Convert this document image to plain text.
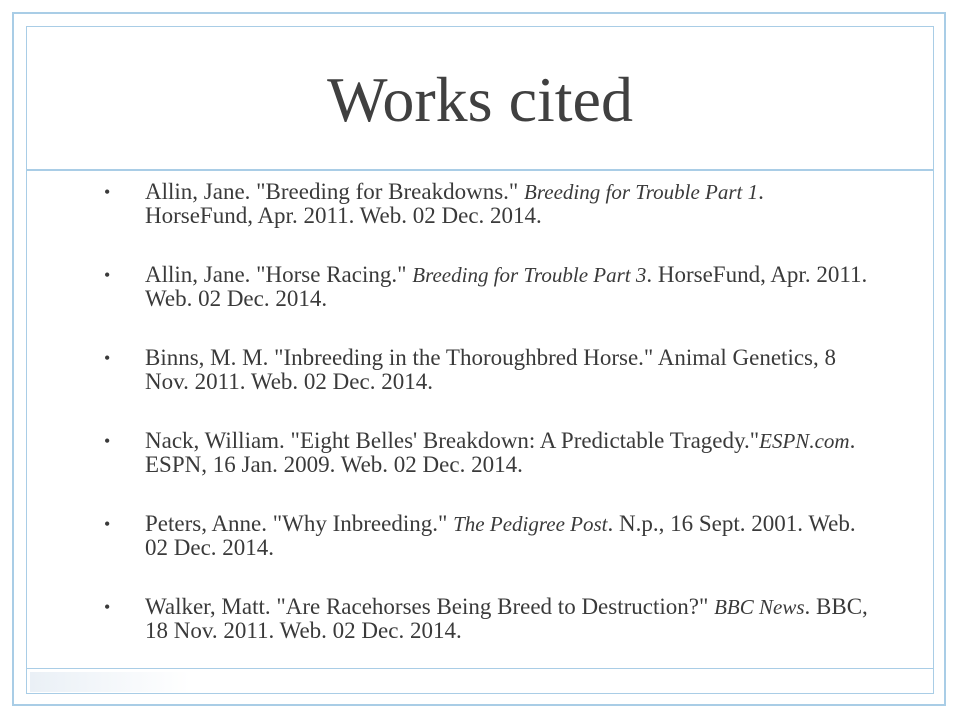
Works cited
• Allin, Jane. "Breeding for Breakdowns." Breeding for Trouble Part 1. HorseFund, Apr. 2011. Web. 02 Dec. 2014.
• Allin, Jane. "Horse Racing." Breeding for Trouble Part 3. HorseFund, Apr. 2011. Web. 02 Dec. 2014.
• Binns, M. M. "Inbreeding in the Thoroughbred Horse." Animal Genetics, 8 Nov. 2011. Web. 02 Dec. 2014.
• Nack, William. "Eight Belles' Breakdown: A Predictable Tragedy."ESPN.com. ESPN, 16 Jan. 2009. Web. 02 Dec. 2014.
• Peters, Anne. "Why Inbreeding." The Pedigree Post. N.p., 16 Sept. 2001. Web. 02 Dec. 2014.
• Walker, Matt. "Are Racehorses Being Breed to Destruction?" BBC News. BBC, 18 Nov. 2011. Web. 02 Dec. 2014.
